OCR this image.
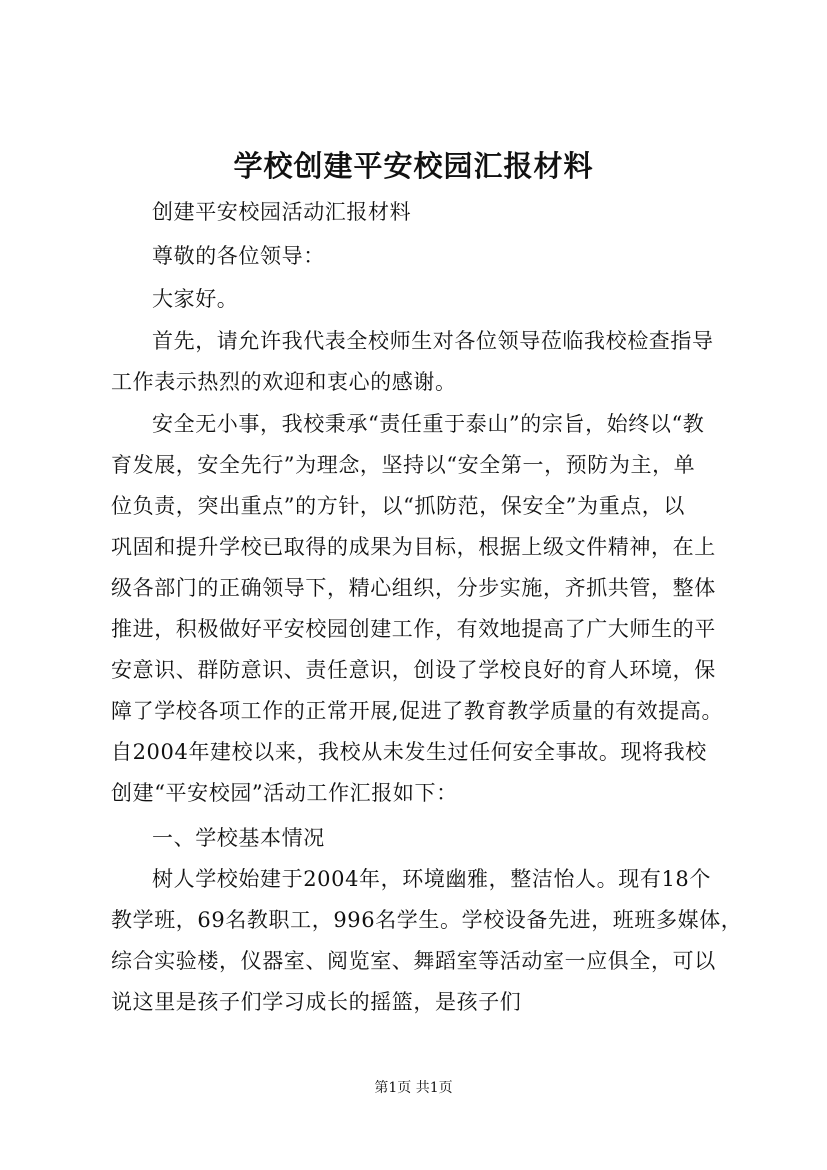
学校创建平安校园汇报材料
创建平安校园活动汇报材料
尊敬的各位领导：
大家好。
首先，请允许我代表全校师生对各位领导莅临我校检查指导
工作表示热烈的欢迎和衷心的感谢。
安全无小事，我校秉承“责任重于泰山”的宗旨，始终以“教
育发展，安全先行”为理念，坚持以“安全第一，预防为主，单
位负责，突出重点”的方针，以“抓防范，保安全”为重点，以
巩固和提升学校已取得的成果为目标，根据上级文件精神，在上
级各部门的正确领导下，精心组织，分步实施，齐抓共管，整体
推进，积极做好平安校园创建工作，有效地提高了广大师生的平
安意识、群防意识、责任意识，创设了学校良好的育人环境，保
障了学校各项工作的正常开展,促进了教育教学质量的有效提高。
自2004年建校以来，我校从未发生过任何安全事故。现将我校
创建“平安校园”活动工作汇报如下：
一、学校基本情况
树人学校始建于2004年，环境幽雅，整洁怡人。现有18个
教学班，69名教职工，996名学生。学校设备先进，班班多媒体，
综合实验楼，仪器室、阅览室、舞蹈室等活动室一应俱全，可以
说这里是孩子们学习成长的摇篮，是孩子们
第1页 共1页
